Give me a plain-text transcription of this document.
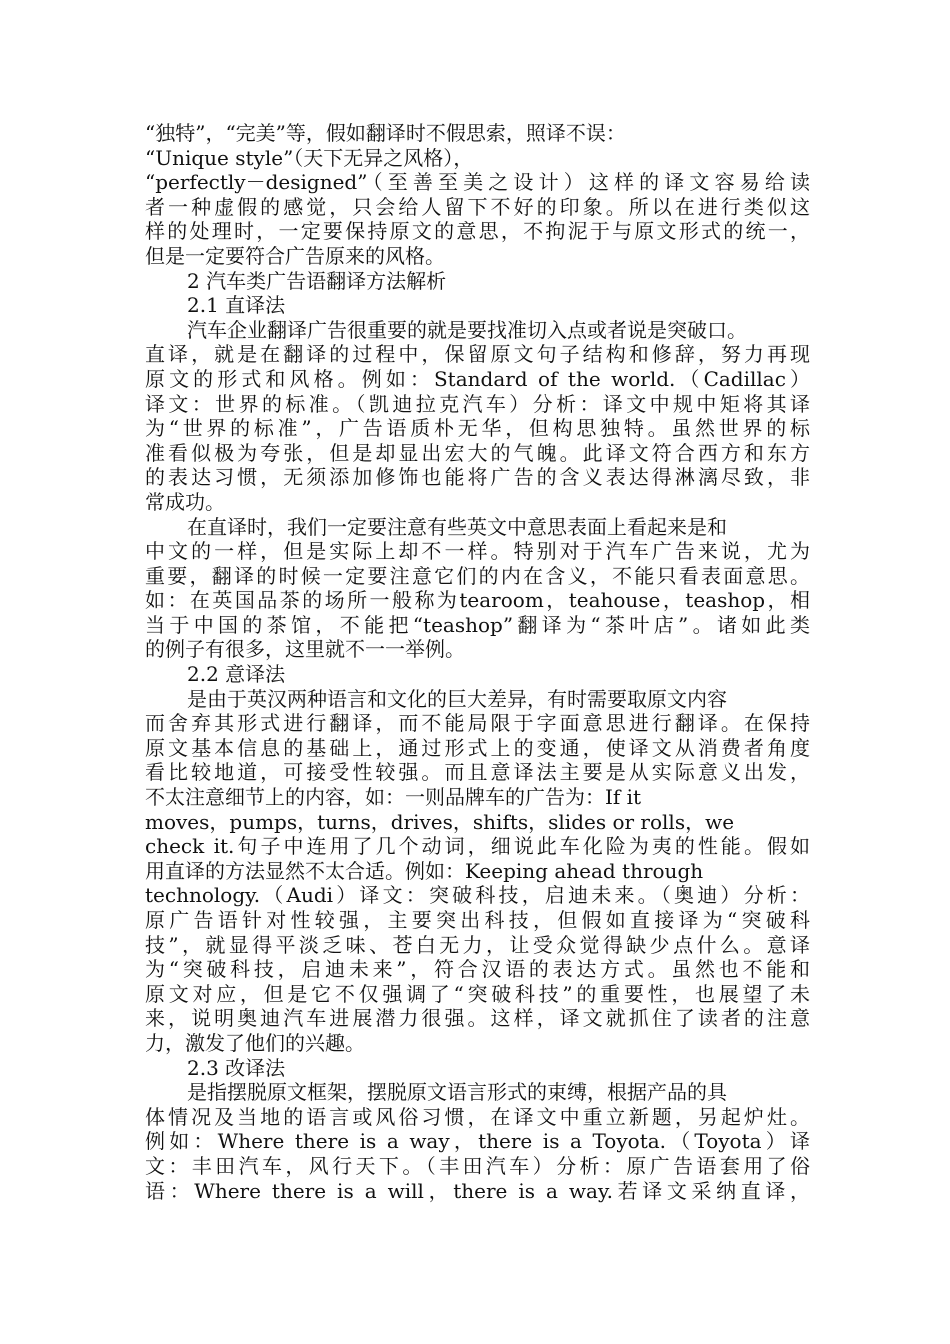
“独特”，“完美”等，假如翻译时不假思索，照译不误：
“Unique style”（天下无异之风格），
“perfectly－designed”（至善至美之设计）这样的译文容易给读
者一种虚假的感觉，只会给人留下不好的印象。所以在进行类似这
样的处理时，一定要保持原文的意思，不拘泥于与原文形式的统一，
但是一定要符合广告原来的风格。
2 汽车类广告语翻译方法解析
2.1 直译法
汽车企业翻译广告很重要的就是要找准切入点或者说是突破口。
直译，就是在翻译的过程中，保留原文句子结构和修辞，努力再现
原文的形式和风格。例如：Standard of the world.（Cadillac）
译文：世界的标准。（凯迪拉克汽车）分析：译文中规中矩将其译
为“世界的标准”，广告语质朴无华，但构思独特。虽然世界的标
准看似极为夸张，但是却显出宏大的气魄。此译文符合西方和东方
的表达习惯，无须添加修饰也能将广告的含义表达得淋漓尽致，非
常成功。
在直译时，我们一定要注意有些英文中意思表面上看起来是和
中文的一样，但是实际上却不一样。特别对于汽车广告来说，尤为
重要，翻译的时候一定要注意它们的内在含义，不能只看表面意思。
如：在英国品茶的场所一般称为tearoom，teahouse，teashop，相
当于中国的茶馆，不能把“teashop”翻译为“茶叶店”。诸如此类
的例子有很多，这里就不一一举例。
2.2 意译法
是由于英汉两种语言和文化的巨大差异，有时需要取原文内容
而舍弃其形式进行翻译，而不能局限于字面意思进行翻译。在保持
原文基本信息的基础上，通过形式上的变通，使译文从消费者角度
看比较地道，可接受性较强。而且意译法主要是从实际意义出发，
不太注意细节上的内容，如：一则品牌车的广告为：If it
moves，pumps，turns，drives，shifts，slides or rolls，we
check it.句子中连用了几个动词，细说此车化险为夷的性能。假如
用直译的方法显然不太合适。例如：Keeping ahead through
technology.（Audi）译文：突破科技，启迪未来。（奥迪）分析：
原广告语针对性较强，主要突出科技，但假如直接译为“突破科
技”，就显得平淡乏味、苍白无力，让受众觉得缺少点什么。意译
为“突破科技，启迪未来”，符合汉语的表达方式。虽然也不能和
原文对应，但是它不仅强调了“突破科技”的重要性，也展望了未
来，说明奥迪汽车进展潜力很强。这样，译文就抓住了读者的注意
力，激发了他们的兴趣。
2.3 改译法
是指摆脱原文框架，摆脱原文语言形式的束缚，根据产品的具
体情况及当地的语言或风俗习惯，在译文中重立新题，另起炉灶。
例如：Where there is a way，there is a Toyota.（Toyota）译
文：丰田汽车，风行天下。（丰田汽车）分析：原广告语套用了俗
语：Where there is a will，there is a way.若译文采纳直译，
